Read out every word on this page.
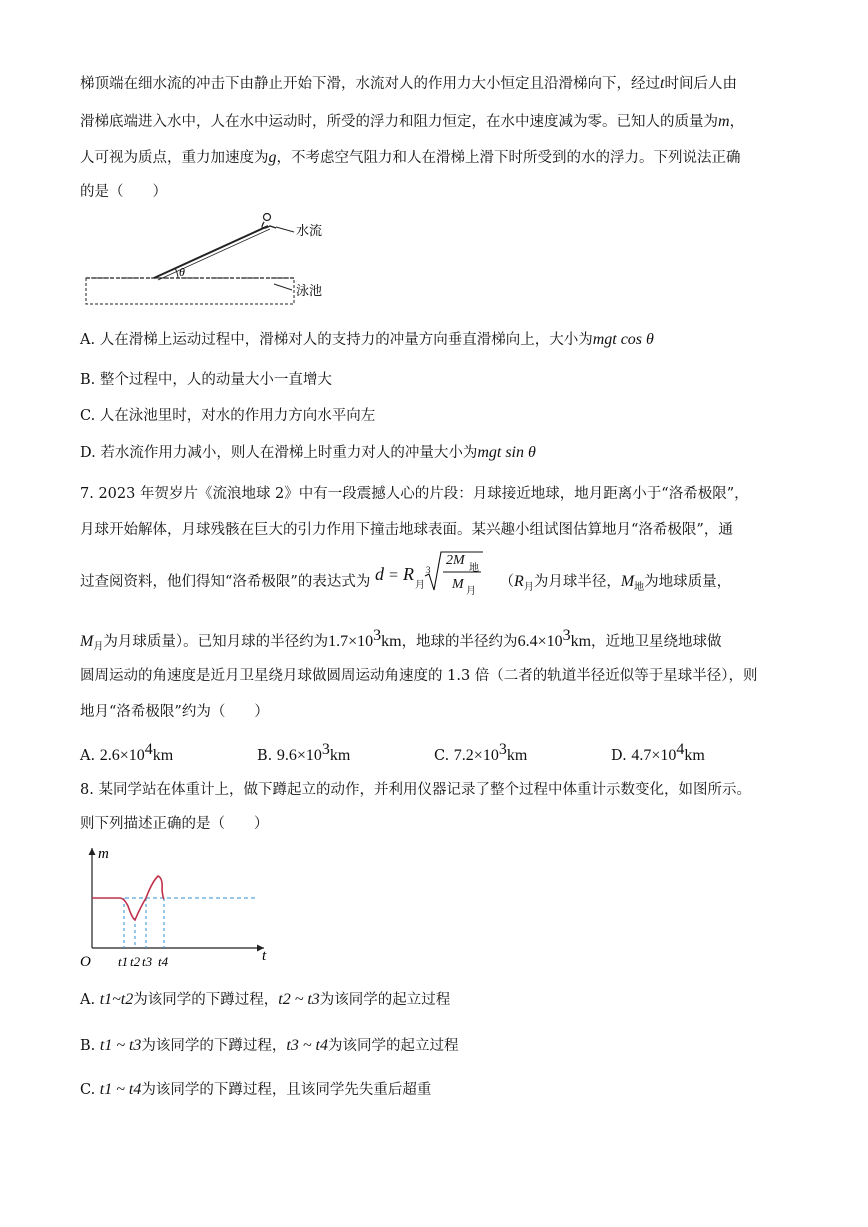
梯顶端在细水流的冲击下由静止开始下滑，水流对人的作用力大小恒定且沿滑梯向下，经过t时间后人由
滑梯底端进入水中，人在水中运动时，所受的浮力和阻力恒定，在水中速度减为零。已知人的质量为m，
人可视为质点，重力加速度为g，不考虑空气阻力和人在滑梯上滑下时所受到的水的浮力。下列说法正确
的是（　　）
θ
水流
泳池
A. 人在滑梯上运动过程中，滑梯对人的支持力的冲量方向垂直滑梯向上，大小为mgt cos θ
B. 整个过程中，人的动量大小一直增大
C. 人在泳池里时，对水的作用力方向水平向左
D. 若水流作用力减小，则人在滑梯上时重力对人的冲量大小为mgt sin θ
7. 2023 年贺岁片《流浪地球 2》中有一段震撼人心的片段：月球接近地球，地月距离小于“洛希极限”，
月球开始解体，月球残骸在巨大的引力作用下撞击地球表面。某兴趣小组试图估算地月“洛希极限”，通
过查阅资料，他们得知“洛希极限”的表达式为 d = R
月
3
2M
地
M 月
（$R_月$为月球半径，$M_地$为地球质量，
$M_月$为月球质量）。已知月球的半径约为$1.7\times 10^3km$，地球的半径约为$6.4\times 10^3km$，近地卫星绕地球做
圆周运动的角速度是近月卫星绕月球做圆周运动角速度的 1.3 倍（二者的轨道半径近似等于星球半径），则
地月“洛希极限”约为（　　）
A. $2.6\times 10^4km$	B. $9.6\times 10^3km$	C. $7.2\times 10^3km$	D. $4.7\times 10^4km$
8. 某同学站在体重计上，做下蹲起立的动作，并利用仪器记录了整个过程中体重计示数变化，如图所示。
则下列描述正确的是（　　）
m
t
O t1 t2 t3 t4
A. t1~t2为该同学的下蹲过程，t2 ~ t3为该同学的起立过程
B. t1 ~ t3为该同学的下蹲过程，t3 ~ t4为该同学的起立过程
C. t1 ~ t4为该同学的下蹲过程，且该同学先失重后超重
